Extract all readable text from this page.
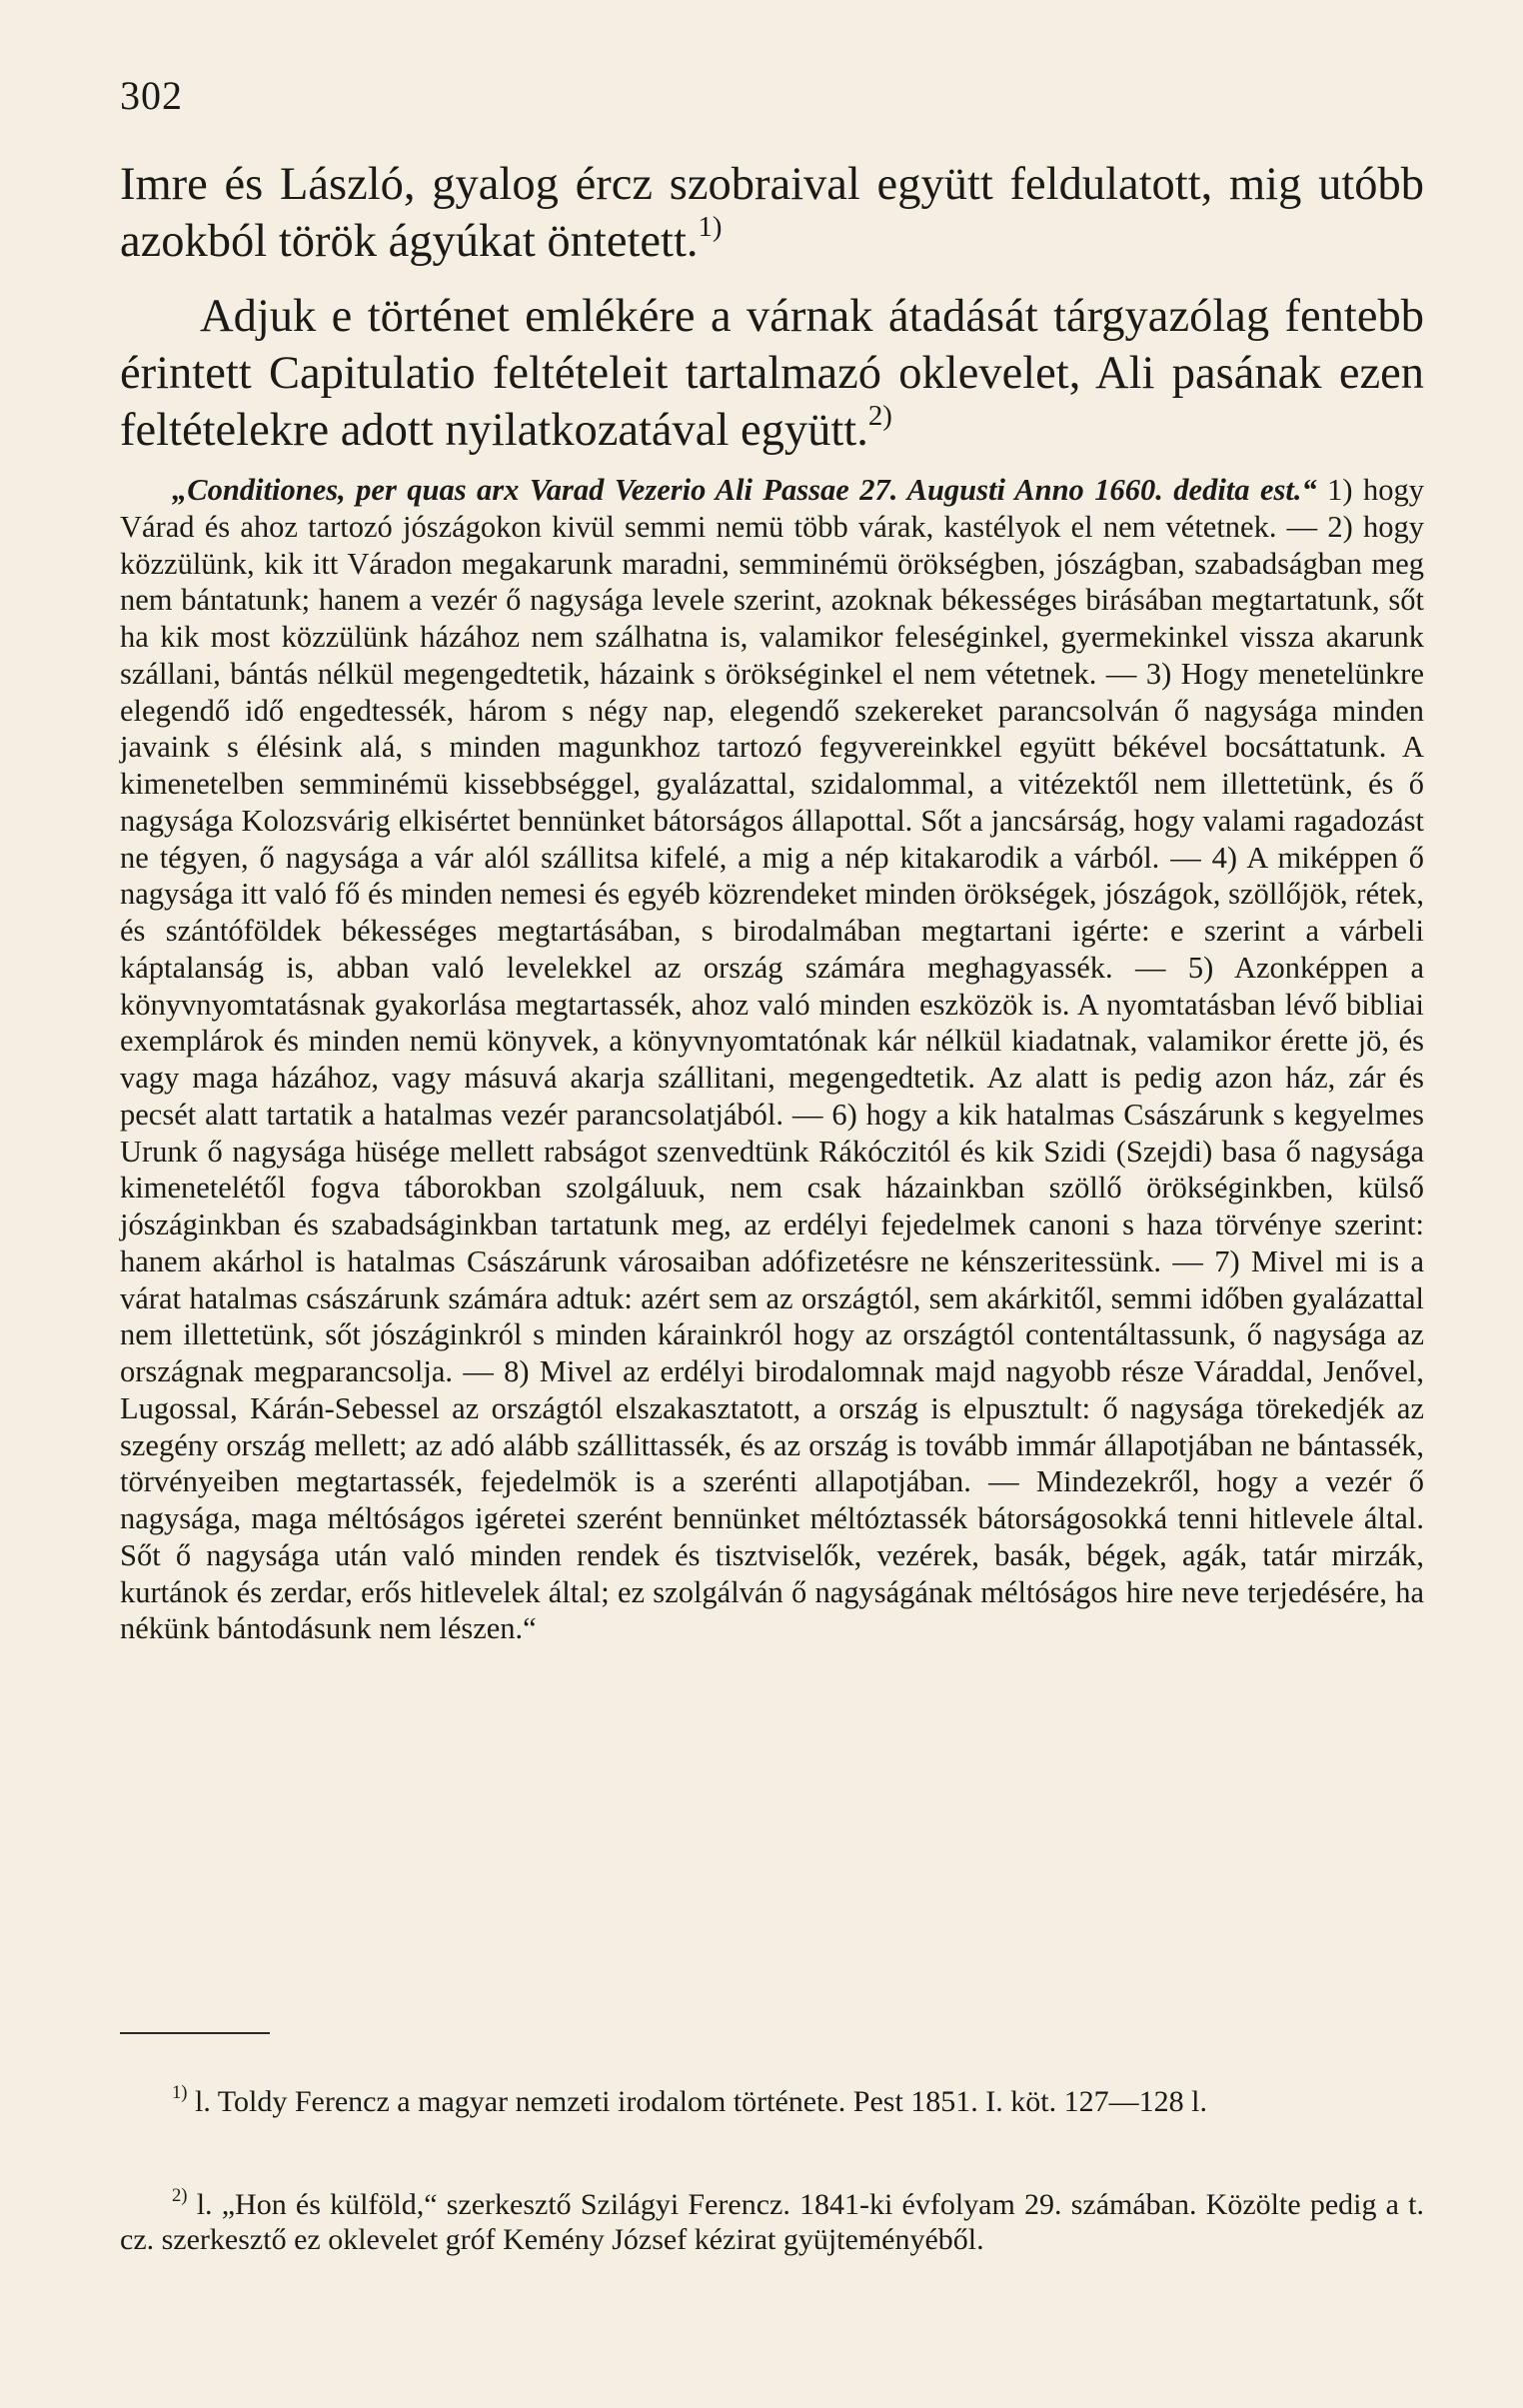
302

Imre és László, gyalog ércz szobraival együtt feldulatott, mig utóbb azokból török ágyúkat öntetett.$^{1)}$

Adjuk e történet emlékére a várnak átadását tárgyazólag fentebb érintett Capitulatio feltételeit tartalmazó oklevelet, Ali pasának ezen feltételekre adott nyilatkozatával együtt.$^{2)}$

„Conditiones, per quas arx Varad Vezerio Ali Passae 27. Augusti Anno 1660. dedita est.“ 1) hogy Várad és ahoz tartozó jószágokon kivül semmi nemü több várak, kastélyok el nem vétetnek. — 2) hogy közzülünk, kik itt Váradon megakarunk maradni, semminémü örökségben, jószágban, szabadságban meg nem bántatunk; hanem a vezér ő nagysága levele szerint, azoknak békességes birásában megtartatunk, sőt ha kik most közzülünk házához nem szálhatna is, valamikor feleséginkel, gyermekinkel vissza akarunk szállani, bántás nélkül megengedtetik, házaink s örökséginkel el nem vétetnek. — 3) Hogy menetelünkre elegendő idő engedtessék, három s négy nap, elegendő szekereket parancsolván ő nagysága minden javaink s élésink alá, s minden magunkhoz tartozó fegyvereinkkel együtt békével bocsáttatunk. A kimenetelben semminémü kissebbséggel, gyalázattal, szidalommal, a vitézektől nem illettetünk, és ő nagysága Kolozsvárig elkisértet bennünket bátorságos állapottal. Sőt a jancsárság, hogy valami ragadozást ne tégyen, ő nagysága a vár alól szállitsa kifelé, a mig a nép kitakarodik a várból. — 4) A miképpen ő nagysága itt való fő és minden nemesi és egyéb közrendeket minden örökségek, jószágok, szöllőjök, rétek, és szántóföldek békességes megtartásában, s birodalmában megtartani igérte: e szerint a várbeli káptalanság is, abban való levelekkel az ország számára meghagyassék. — 5) Azonképpen a könyvnyomtatásnak gyakorlása megtartassék, ahoz való minden eszközök is. A nyomtatásban lévő bibliai exemplárok és minden nemü könyvek, a könyvnyomtatónak kár nélkül kiadatnak, valamikor érette jö, és vagy maga házához, vagy másuvá akarja szállitani, megengedtetik. Az alatt is pedig azon ház, zár és pecsét alatt tartatik a hatalmas vezér parancsolatjából. — 6) hogy a kik hatalmas Császárunk s kegyelmes Urunk ő nagysága hüsége mellett rabságot szenvedtünk Rákóczitól és kik Szidi (Szejdi) basa ő nagysága kimenetelétől fogva táborokban szolgáluuk, nem csak házainkban szöllő örökséginkben, külső jószáginkban és szabadságinkban tartatunk meg, az erdélyi fejedelmek canoni s haza törvénye szerint: hanem akárhol is hatalmas Császárunk városaiban adófizetésre ne kénszeritessünk. — 7) Mivel mi is a várat hatalmas császárunk számára adtuk: azért sem az országtól, sem akárkitől, semmi időben gyalázattal nem illettetünk, sőt jószáginkról s minden kárainkról hogy az országtól contentáltassunk, ő nagysága az országnak megparancsolja. — 8) Mivel az erdélyi birodalomnak majd nagyobb része Váraddal, Jenővel, Lugossal, Kárán-Sebessel az országtól elszakasztatott, a ország is elpusztult: ő nagysága törekedjék az szegény ország mellett; az adó alább szállittassék, és az ország is tovább immár állapotjában ne bántassék, törvényeiben megtartassék, fejedelmök is a szerénti allapotjában. — Mindezekről, hogy a vezér ő nagysága, maga méltóságos igéretei szerént bennünket méltóztassék bátorságosokká tenni hitlevele által. Sőt ő nagysága után való minden rendek és tisztviselők, vezérek, basák, bégek, agák, tatár mirzák, kurtánok és zerdar, erős hitlevelek által; ez szolgálván ő nagyságának méltóságos hire neve terjedésére, ha nékünk bántodásunk nem lészen.“

$^{1)}$ l. Toldy Ferencz a magyar nemzeti irodalom története. Pest 1851. I. köt. 127—128 l.

$^{2)}$ l. „Hon és külföld,“ szerkesztő Szilágyi Ferencz. 1841-ki évfolyam 29. számában. Közölte pedig a t. cz. szerkesztő ez oklevelet gróf Kemény József kézirat gyüjteményéből.
